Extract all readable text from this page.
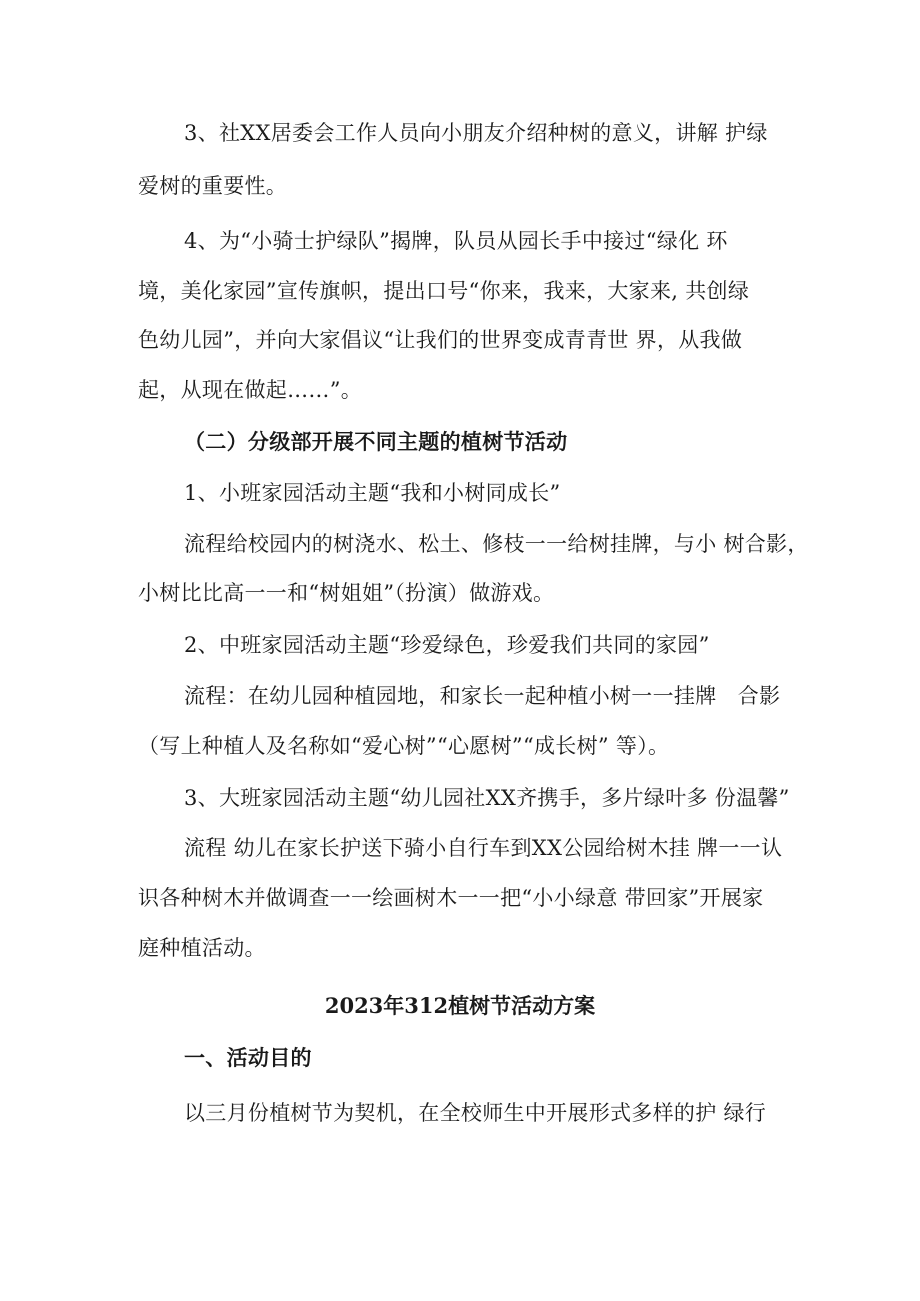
3、社XX居委会工作人员向小朋友介绍种树的意义，讲解 护绿
爱树的重要性。
4、为“小骑士护绿队”揭牌，队员从园长手中接过“绿化 环
境，美化家园”宣传旗帜，提出口号“你来，我来，大家来, 共创绿
色幼儿园”，并向大家倡议“让我们的世界变成青青世 界，从我做
起，从现在做起……”。
（二）分级部开展不同主题的植树节活动
1、小班家园活动主题“我和小树同成长”
流程给校园内的树浇水、松土、修枝一一给树挂牌，与小 树合影，
小树比比高一一和“树姐姐”（扮演）做游戏。
2、中班家园活动主题“珍爱绿色，珍爱我们共同的家园”
流程：在幼儿园种植园地，和家长一起种植小树一一挂牌　合影
（写上种植人及名称如“爱心树”“心愿树”“成长树” 等）。
3、大班家园活动主题“幼儿园社XX齐携手，多片绿叶多 份温馨”
流程 幼儿在家长护送下骑小自行车到XX公园给树木挂 牌一一认
识各种树木并做调查一一绘画树木一一把“小小绿意 带回家”开展家
庭种植活动。
2023年312植树节活动方案
一、活动目的
以三月份植树节为契机，在全校师生中开展形式多样的护 绿行
